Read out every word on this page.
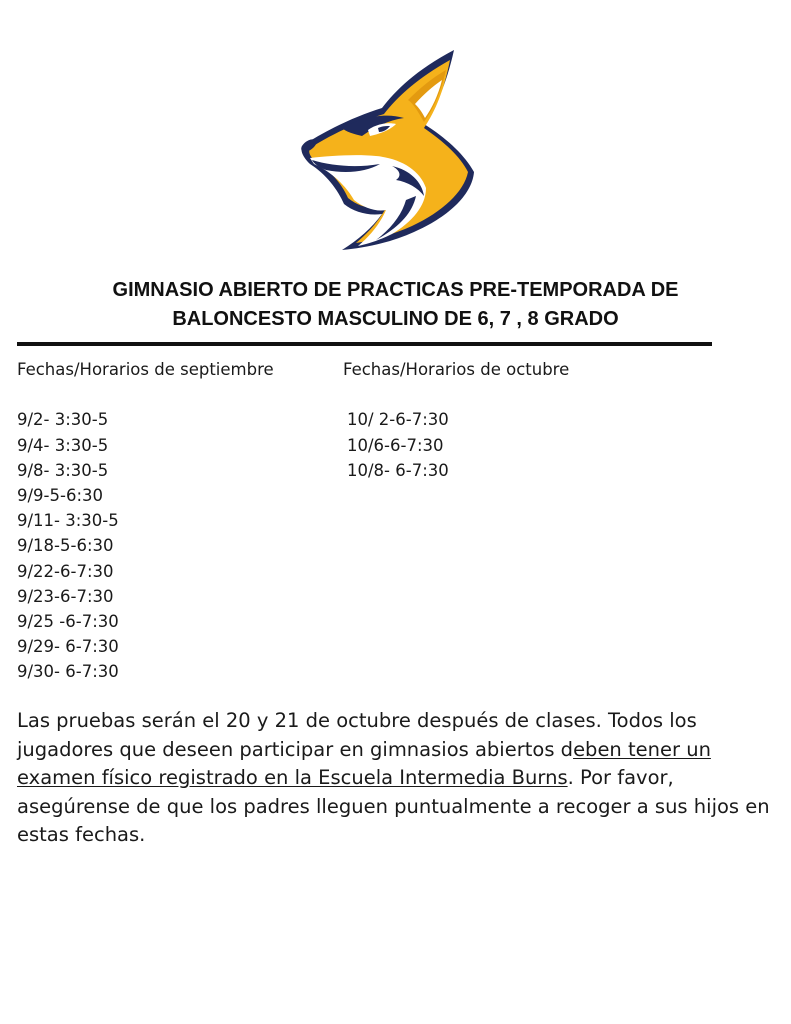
GIMNASIO ABIERTO DE PRACTICAS PRE-TEMPORADA DE
BALONCESTO MASCULINO DE 6, 7 , 8 GRADO
Fechas/Horarios de septiembre
9/2- 3:30-5
9/4- 3:30-5
9/8- 3:30-5
9/9-5-6:30
9/11- 3:30-5
9/18-5-6:30
9/22-6-7:30
9/23-6-7:30
9/25 -6-7:30
9/29- 6-7:30
9/30- 6-7:30
Fechas/Horarios de octubre
10/ 2-6-7:30
10/6-6-7:30
10/8- 6-7:30

Las pruebas serán el 20 y 21 de octubre después de clases. Todos los jugadores que deseen participar en gimnasios abiertos deben tener un examen físico registrado en la Escuela Intermedia Burns. Por favor, asegúrense de que los padres lleguen puntualmente a recoger a sus hijos en estas fechas.
